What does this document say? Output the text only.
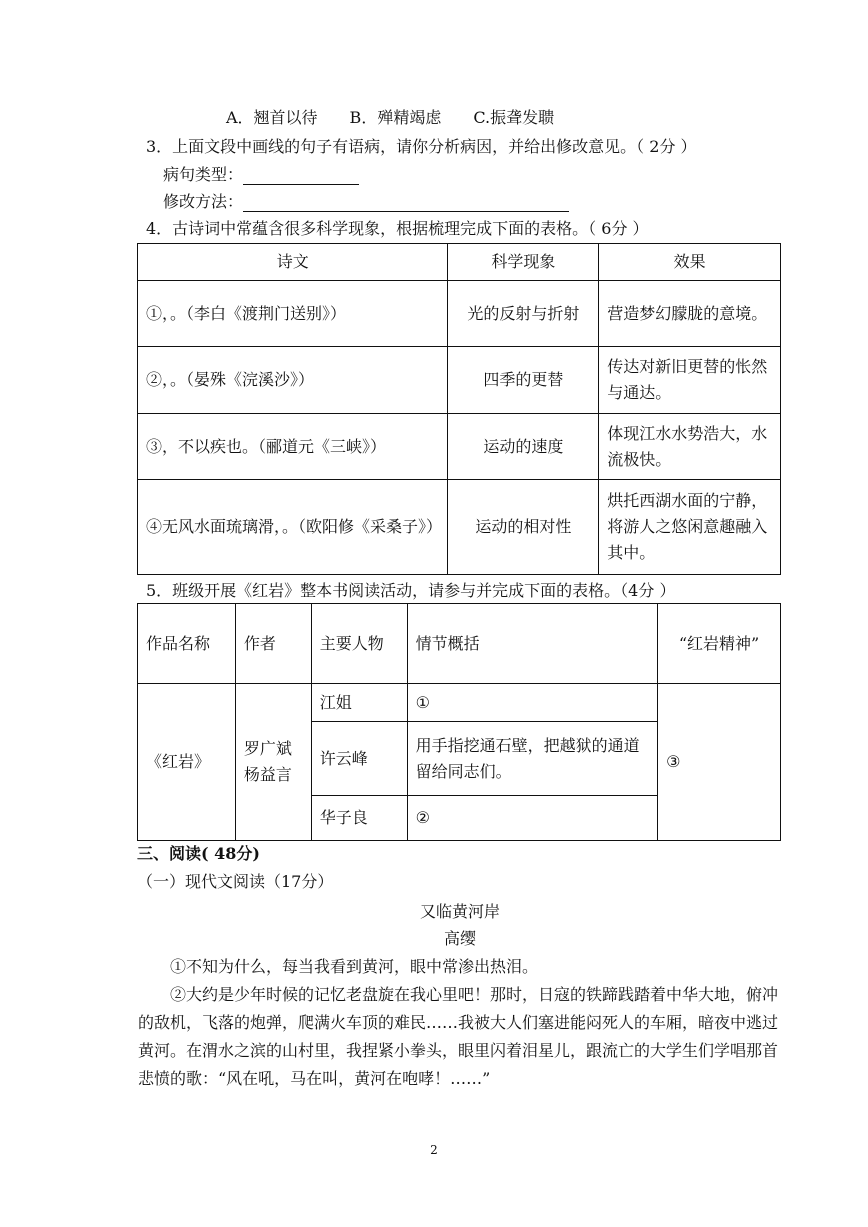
A．翘首以待　　B．殚精竭虑　　C.振聋发聩
3．上面文段中画线的句子有语病，请你分析病因，并给出修改意见。（ 2分 ）
病句类型：
修改方法：
4．古诗词中常蕴含很多科学现象，根据梳理完成下面的表格。（ 6分 ）
诗文	科学现象	效果
①，。（李白《渡荆门送别》）	光的反射与折射	营造梦幻朦胧的意境。
②，。（晏殊《浣溪沙》）	四季的更替	传达对新旧更替的怅然与通达。
③，不以疾也。（郦道元《三峡》）	运动的速度	体现江水水势浩大，水流极快。
④无风水面琉璃滑，。（欧阳修《采桑子》）	运动的相对性	烘托西湖水面的宁静，将游人之悠闲意趣融入其中。
5．班级开展《红岩》整本书阅读活动，请参与并完成下面的表格。（4分 ）
作品名称	作者	主要人物	情节概括	“红岩精神”
《红岩》	罗广斌杨益言	江姐	①	③
		许云峰	用手指挖通石壁，把越狱的通道留给同志们。	
		华子良	②	
三、阅读( 48分)
（一）现代文阅读（17分）
又临黄河岸
高缨
①不知为什么，每当我看到黄河，眼中常渗出热泪。
②大约是少年时候的记忆老盘旋在我心里吧！那时，日寇的铁蹄践踏着中华大地，俯冲的敌机，飞落的炮弹，爬满火车顶的难民……我被大人们塞进能闷死人的车厢，暗夜中逃过黄河。在渭水之滨的山村里，我捏紧小拳头，眼里闪着泪星儿，跟流亡的大学生们学唱那首悲愤的歌：“风在吼，马在叫，黄河在咆哮！……”
2
